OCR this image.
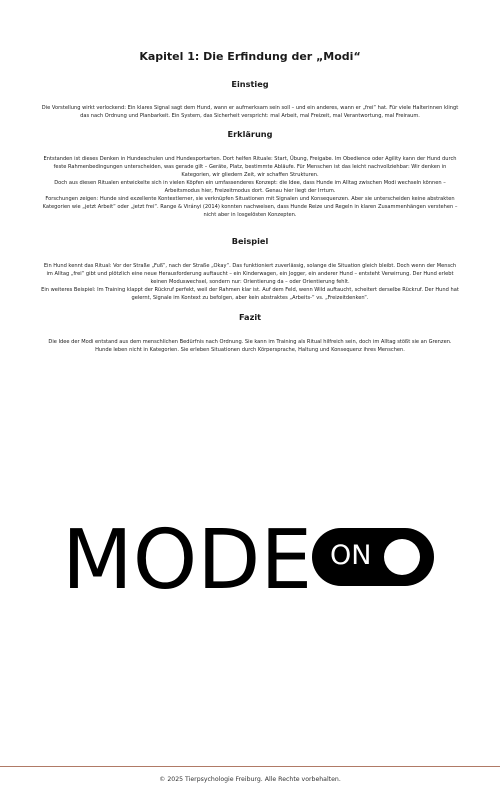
Kapitel 1: Die Erfindung der „Modi“
Einstieg
Die Vorstellung wirkt verlockend: Ein klares Signal sagt dem Hund, wann er aufmerksam sein soll – und ein anderes, wann er „frei“ hat. Für viele Halterinnen klingt das nach Ordnung und Planbarkeit. Ein System, das Sicherheit verspricht: mal Arbeit, mal Freizeit, mal Verantwortung, mal Freiraum.
Erklärung
Entstanden ist dieses Denken in Hundeschulen und Hundesportarten. Dort helfen Rituale: Start, Übung, Freigabe. Im Obedience oder Agility kann der Hund durch feste Rahmenbedingungen unterscheiden, was gerade gilt – Geräte, Platz, bestimmte Abläufe. Für Menschen ist das leicht nachvollziehbar: Wir denken in Kategorien, wir gliedern Zeit, wir schaffen Strukturen.
Doch aus diesen Ritualen entwickelte sich in vielen Köpfen ein umfassenderes Konzept: die Idee, dass Hunde im Alltag zwischen Modi wechseln können – Arbeitsmodus hier, Freizeitmodus dort. Genau hier liegt der Irrtum.
Forschungen zeigen: Hunde sind exzellente Kontextlerner, sie verknüpfen Situationen mit Signalen und Konsequenzen. Aber sie unterscheiden keine abstrakten Kategorien wie „jetzt Arbeit“ oder „jetzt frei“. Range & Virányi (2014) konnten nachweisen, dass Hunde Reize und Regeln in klaren Zusammenhängen verstehen – nicht aber in losgelösten Konzepten.
Beispiel
Ein Hund kennt das Ritual: Vor der Straße „Fuß“, nach der Straße „Okay“. Das funktioniert zuverlässig, solange die Situation gleich bleibt. Doch wenn der Mensch im Alltag „frei“ gibt und plötzlich eine neue Herausforderung auftaucht – ein Kinderwagen, ein Jogger, ein anderer Hund – entsteht Verwirrung. Der Hund erlebt keinen Moduswechsel, sondern nur: Orientierung da – oder Orientierung fehlt.
Ein weiteres Beispiel: Im Training klappt der Rückruf perfekt, weil der Rahmen klar ist. Auf dem Feld, wenn Wild auftaucht, scheitert derselbe Rückruf. Der Hund hat gelernt, Signale im Kontext zu befolgen, aber kein abstraktes „Arbeits-“ vs. „Freizeitdenken“.
Fazit
Die Idee der Modi entstand aus dem menschlichen Bedürfnis nach Ordnung. Sie kann im Training als Ritual hilfreich sein, doch im Alltag stößt sie an Grenzen. Hunde leben nicht in Kategorien. Sie erleben Situationen durch Körpersprache, Haltung und Konsequenz ihres Menschen.
MODE ON
© 2025 Tierpsychologie Freiburg. Alle Rechte vorbehalten.
